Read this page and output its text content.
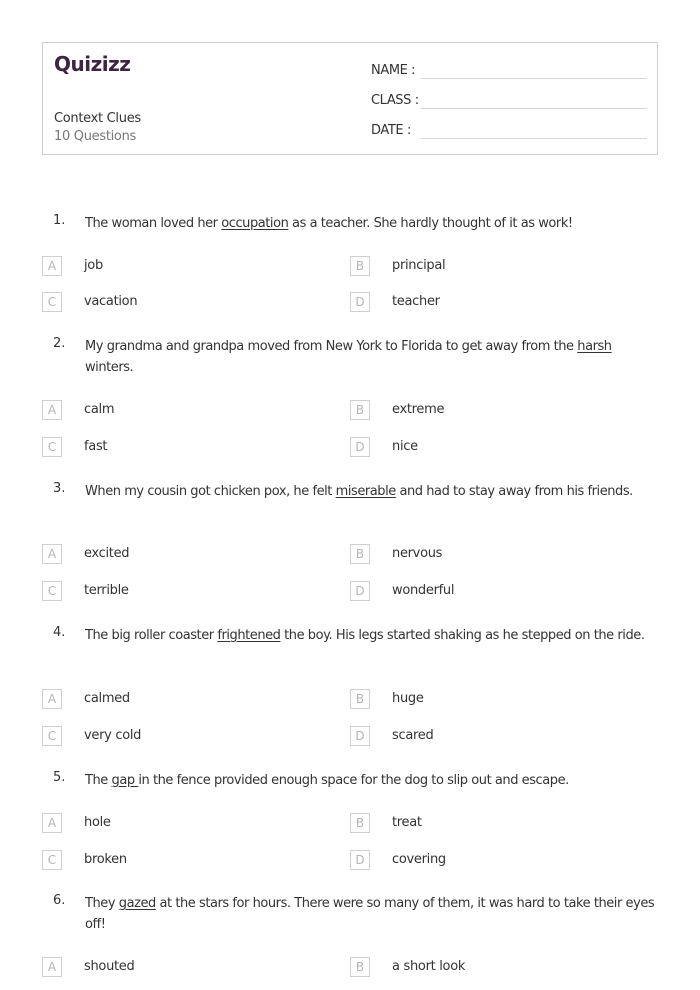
Quizizz
Context Clues
10 Questions
NAME :
CLASS :
DATE :
1. The woman loved her occupation as a teacher. She hardly thought of it as work!
A	job	B	principal
C	vacation	D	teacher
2. My grandma and grandpa moved from New York to Florida to get away from the harsh winters.
A	calm	B	extreme
C	fast	D	nice
3. When my cousin got chicken pox, he felt miserable and had to stay away from his friends.
A	excited	B	nervous
C	terrible	D	wonderful
4. The big roller coaster frightened the boy. His legs started shaking as he stepped on the ride.
A	calmed	B	huge
C	very cold	D	scared
5. The gap in the fence provided enough space for the dog to slip out and escape.
A	hole	B	treat
C	broken	D	covering
6. They gazed at the stars for hours. There were so many of them, it was hard to take their eyes off!
A	shouted	B	a short look
